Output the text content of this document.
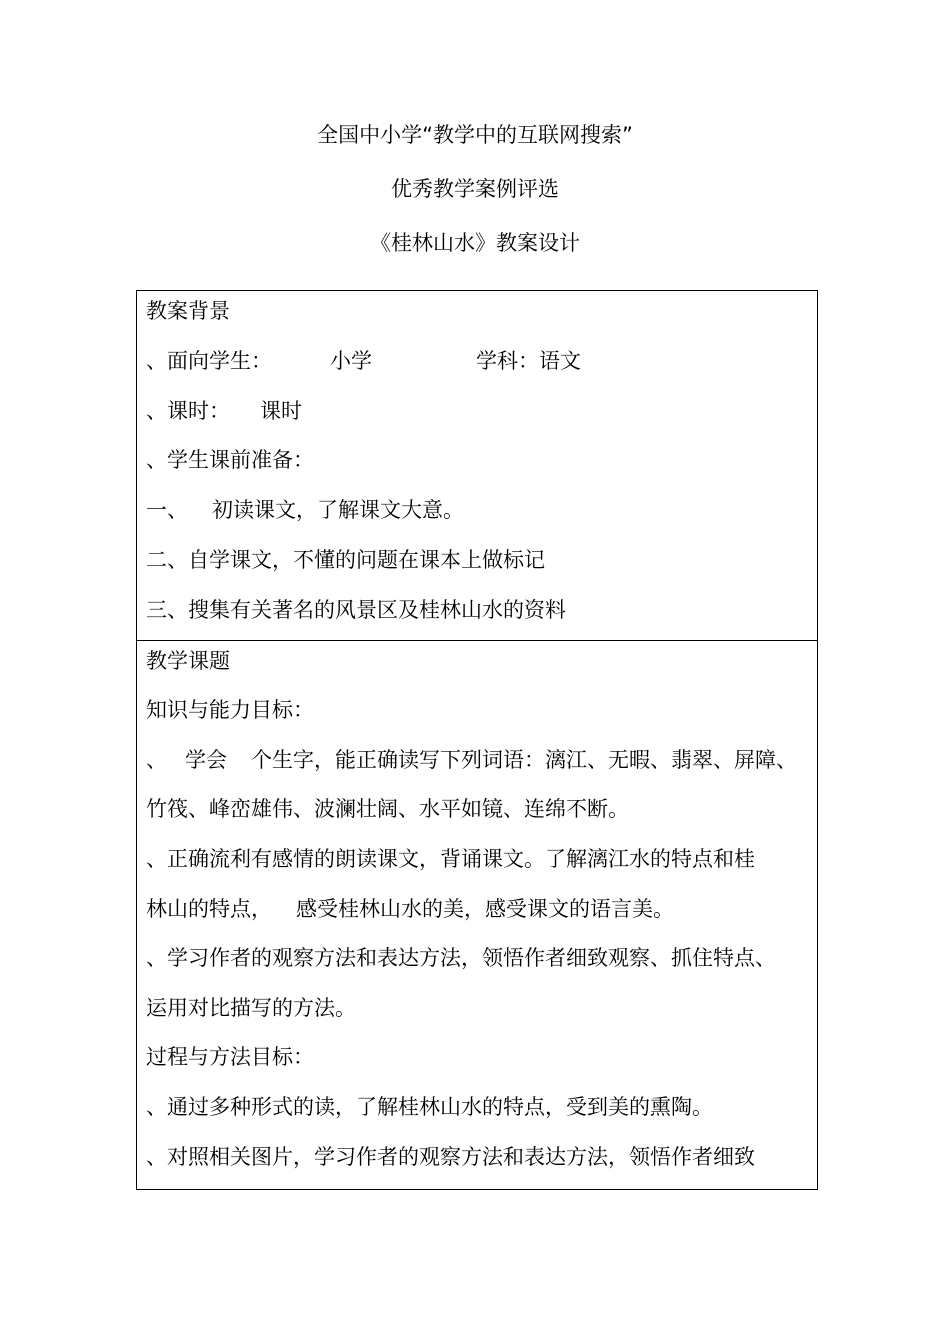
全国中小学“教学中的互联网搜索”
优秀教学案例评选
《桂林山水》教案设计
教案背景
、面向学生：	小学	学科：语文
、课时： 课时
、学生课前准备：
一、 初读课文，了解课文大意。
二、自学课文，不懂的问题在课本上做标记
三、搜集有关著名的风景区及桂林山水的资料

教学课题
知识与能力目标：
、 学会 个生字，能正确读写下列词语：漓江、无暇、翡翠、屏障、
竹筏、峰峦雄伟、波澜壮阔、水平如镜、连绵不断。
、正确流利有感情的朗读课文，背诵课文。了解漓江水的特点和桂
林山的特点， 感受桂林山水的美，感受课文的语言美。
、学习作者的观察方法和表达方法，领悟作者细致观察、抓住特点、
运用对比描写的方法。
过程与方法目标：
、通过多种形式的读，了解桂林山水的特点，受到美的熏陶。
、对照相关图片，学习作者的观察方法和表达方法，领悟作者细致
